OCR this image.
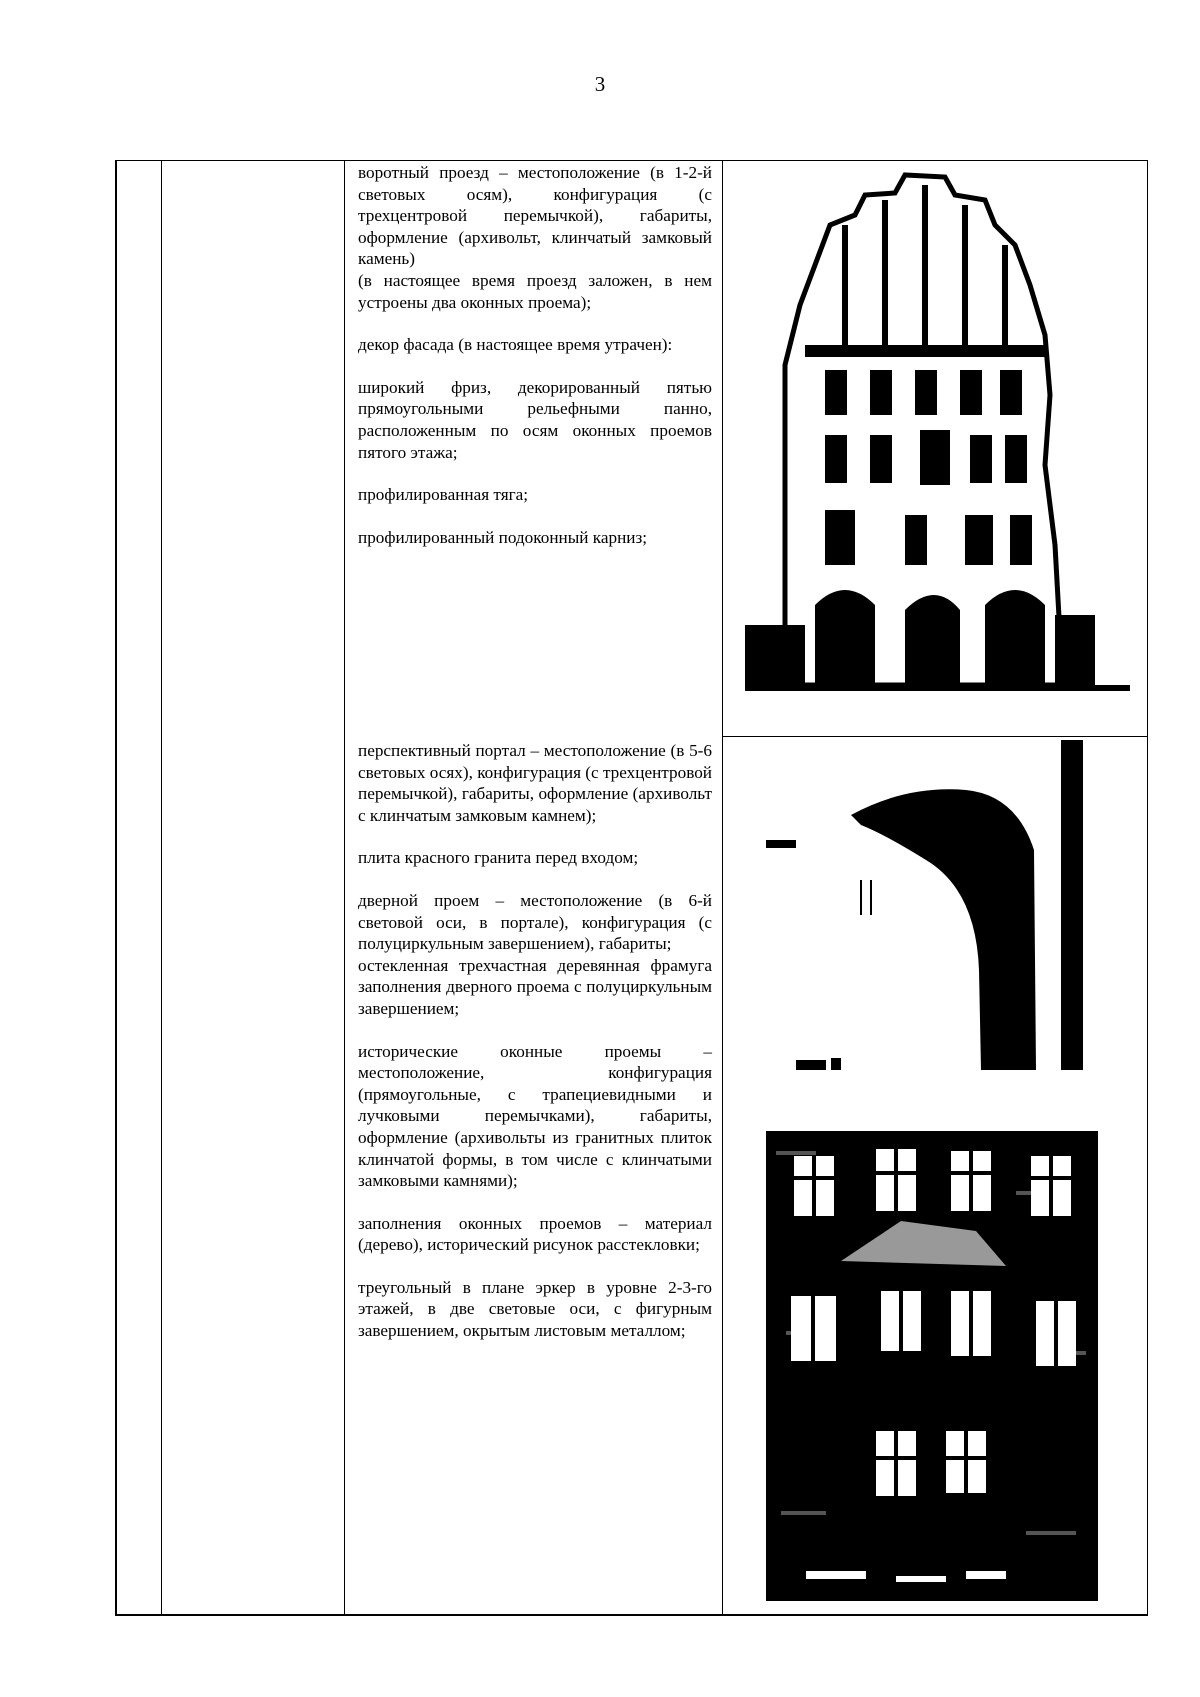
3

воротный проезд – местоположение (в 1-2-й световых осям), конфигурация (с трехцентровой перемычкой), габариты, оформление (архивольт, клинчатый замковый камень)

(в настоящее время проезд заложен, в нем устроены два оконных проема);

декор фасада (в настоящее время утрачен):

широкий фриз, декорированный пятью прямоугольными рельефными панно, расположенным по осям оконных проемов пятого этажа;

профилированная тяга;

профилированный подоконный карниз;

перспективный портал – местоположение (в 5-6 световых осях), конфигурация (с трехцентровой перемычкой), габариты, оформление (архивольт с клинчатым замковым камнем);

плита красного гранита перед входом;

дверной проем – местоположение (в 6-й световой оси, в портале), конфигурация (с полуциркульным завершением), габариты;

остекленная трехчастная деревянная фрамуга заполнения дверного проема с полуциркульным завершением;

исторические оконные проемы – местоположение, конфигурация (прямоугольные, с трапециевидными и лучковыми перемычками), габариты, оформление (архивольты из гранитных плиток клинчатой формы, в том числе с клинчатыми замковыми камнями);

заполнения оконных проемов – материал (дерево), исторический рисунок расстекловки;

треугольный в плане эркер в уровне 2-3-го этажей, в две световые оси, с фигурным завершением, окрытым листовым металлом;
